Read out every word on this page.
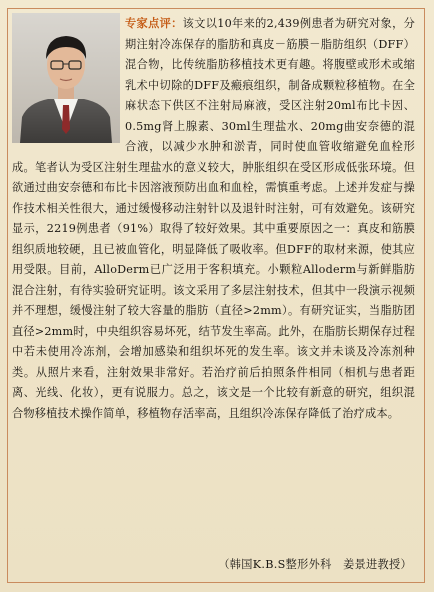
专家点评：该文以10年来的2,439例患者为研究对象，分期注射冷冻保存的脂肪和真皮－筋膜－脂肪组织（DFF）混合物，比传统脂肪移植技术更有趣。将腹壁或形术或缩乳术中切除的DFF及瘢痕组织，制备成颗粒移植物。在全麻状态下供区不注射局麻液，受区注射20ml布比卡因、0.5mg肾上腺素、30ml生理盐水、20mg曲安奈德的混合液，以减少水肿和淤青，同时使血管收缩避免血栓形成。笔者认为受区注射生理盐水的意义较大，肿胀组织在受区形成低张环境。但欲通过曲安奈德和布比卡因溶液预防出血和血栓，需慎重考虑。上述并发症与操作技术相关性很大，通过缓慢移动注射针以及退针时注射，可有效避免。该研究显示，2219例患者（91%）取得了较好效果。其中重要原因之一：真皮和筋膜组织质地较硬，且已被血管化，明显降低了吸收率。但DFF的取材来源，使其应用受限。目前，AlloDerm已广泛用于客积填充。小颗粒Alloderm与新鲜脂肪混合注射，有待实验研究证明。该文采用了多层注射技术，但其中一段演示视频并不理想，缓慢注射了较大容量的脂肪（直径>2mm）。有研究证实，当脂肪团直径>2mm时，中央组织容易坏死，结节发生率高。此外，在脂肪长期保存过程中若未使用冷冻剂，会增加感染和组织坏死的发生率。该文并未谈及冷冻剂种类。从照片来看，注射效果非常好。若治疗前后拍照条件相同（相机与患者距离、光线、化妆），更有说服力。总之，该文是一个比较有新意的研究，组织混合物移植技术操作简单，移植物存活率高，且组织冷冻保存降低了治疗成本。
（韩国K.B.S整形外科　姜景进教授）
